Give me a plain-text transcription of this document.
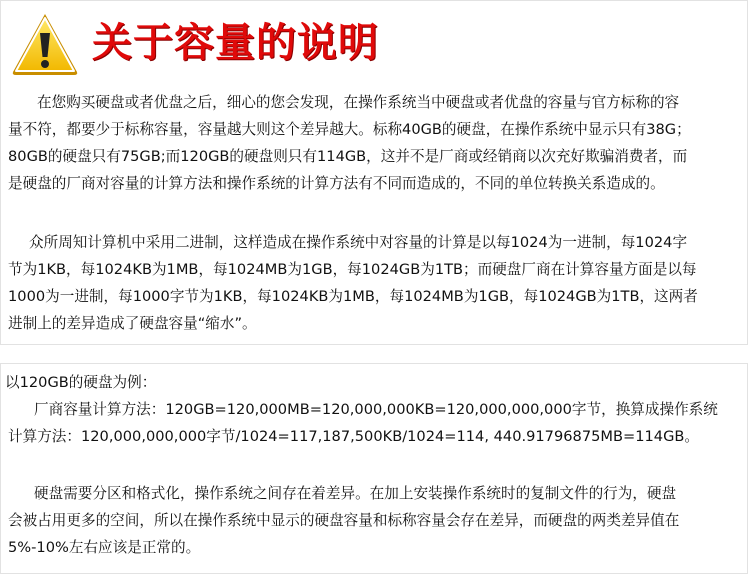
关于容量的说明

在您购买硬盘或者优盘之后，细心的您会发现，在操作系统当中硬盘或者优盘的容量与官方标称的容
量不符，都要少于标称容量，容量越大则这个差异越大。标称40GB的硬盘，在操作系统中显示只有38G；
80GB的硬盘只有75GB;而120GB的硬盘则只有114GB，这并不是厂商或经销商以次充好欺骗消费者，而
是硬盘的厂商对容量的计算方法和操作系统的计算方法有不同而造成的，不同的单位转换关系造成的。

众所周知计算机中采用二进制，这样造成在操作系统中对容量的计算是以每1024为一进制，每1024字
节为1KB，每1024KB为1MB，每1024MB为1GB，每1024GB为1TB；而硬盘厂商在计算容量方面是以每
1000为一进制，每1000字节为1KB，每1024KB为1MB，每1024MB为1GB，每1024GB为1TB，这两者
进制上的差异造成了硬盘容量“缩水”。

以120GB的硬盘为例：
厂商容量计算方法：120GB=120,000MB=120,000,000KB=120,000,000,000字节，换算成操作系统
计算方法：120,000,000,000字节/1024=117,187,500KB/1024=114, 440.91796875MB=114GB。

硬盘需要分区和格式化，操作系统之间存在着差异。在加上安装操作系统时的复制文件的行为，硬盘
会被占用更多的空间，所以在操作系统中显示的硬盘容量和标称容量会存在差异，而硬盘的两类差异值在
5%-10%左右应该是正常的。
